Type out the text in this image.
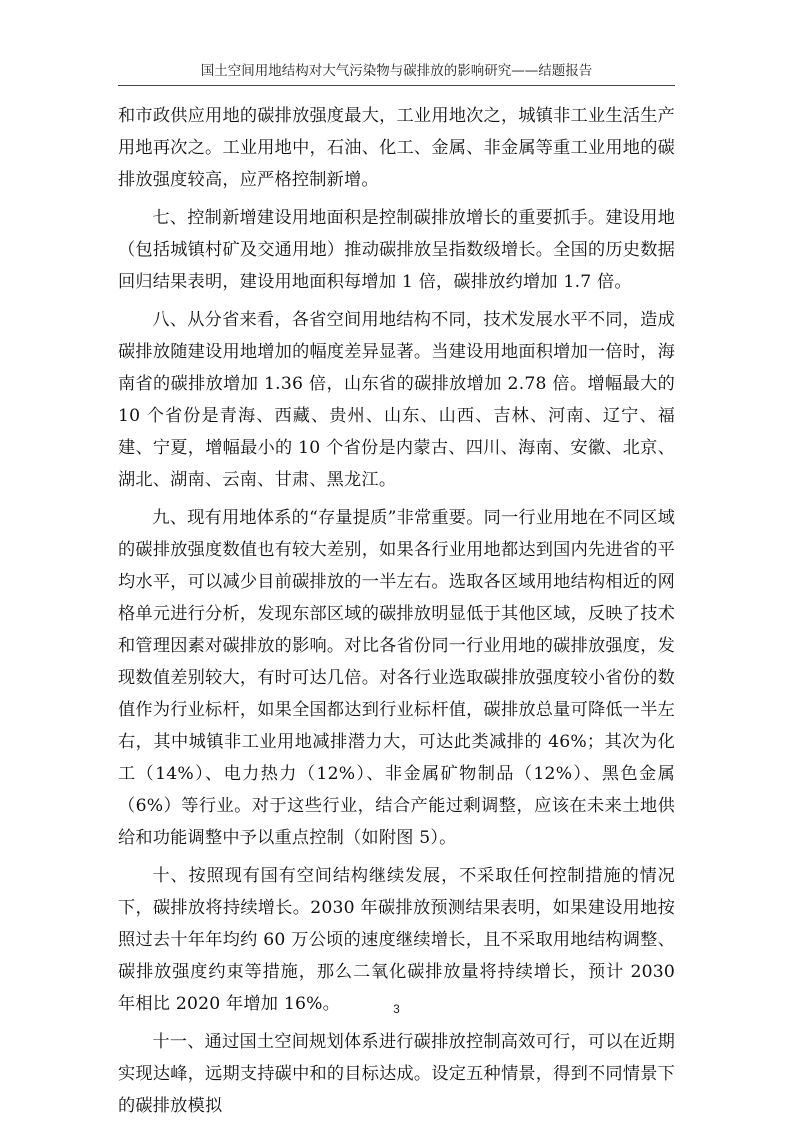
国土空间用地结构对大气污染物与碳排放的影响研究——结题报告

和市政供应用地的碳排放强度最大，工业用地次之，城镇非工业生活生产用地再次之。工业用地中，石油、化工、金属、非金属等重工业用地的碳排放强度较高，应严格控制新增。

七、控制新增建设用地面积是控制碳排放增长的重要抓手。建设用地（包括城镇村矿及交通用地）推动碳排放呈指数级增长。全国的历史数据回归结果表明，建设用地面积每增加 1 倍，碳排放约增加 1.7 倍。

八、从分省来看，各省空间用地结构不同，技术发展水平不同，造成碳排放随建设用地增加的幅度差异显著。当建设用地面积增加一倍时，海南省的碳排放增加 1.36 倍，山东省的碳排放增加 2.78 倍。增幅最大的 10 个省份是青海、西藏、贵州、山东、山西、吉林、河南、辽宁、福建、宁夏，增幅最小的 10 个省份是内蒙古、四川、海南、安徽、北京、湖北、湖南、云南、甘肃、黑龙江。

九、现有用地体系的“存量提质”非常重要。同一行业用地在不同区域的碳排放强度数值也有较大差别，如果各行业用地都达到国内先进省的平均水平，可以减少目前碳排放的一半左右。选取各区域用地结构相近的网格单元进行分析，发现东部区域的碳排放明显低于其他区域，反映了技术和管理因素对碳排放的影响。对比各省份同一行业用地的碳排放强度，发现数值差别较大，有时可达几倍。对各行业选取碳排放强度较小省份的数值作为行业标杆，如果全国都达到行业标杆值，碳排放总量可降低一半左右，其中城镇非工业用地减排潜力大，可达此类减排的 46%；其次为化工（14%）、电力热力（12%）、非金属矿物制品（12%）、黑色金属（6%）等行业。对于这些行业，结合产能过剩调整，应该在未来土地供给和功能调整中予以重点控制（如附图 5）。

十、按照现有国有空间结构继续发展，不采取任何控制措施的情况下，碳排放将持续增长。2030 年碳排放预测结果表明，如果建设用地按照过去十年年均约 60 万公顷的速度继续增长，且不采取用地结构调整、碳排放强度约束等措施，那么二氧化碳排放量将持续增长，预计 2030 年相比 2020 年增加 16%。

十一、通过国土空间规划体系进行碳排放控制高效可行，可以在近期实现达峰，远期支持碳中和的目标达成。设定五种情景，得到不同情景下的碳排放模拟

3
